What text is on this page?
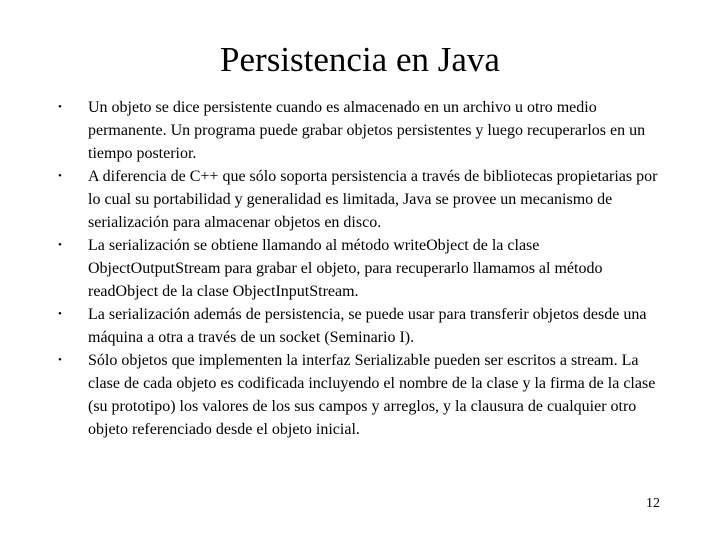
Persistencia en Java
•	Un objeto se dice persistente cuando es almacenado en un archivo u otro medio permanente. Un programa puede grabar objetos persistentes y luego recuperarlos en un tiempo posterior.
•	A diferencia de C++ que sólo soporta persistencia a través de bibliotecas propietarias por lo cual su portabilidad y generalidad es limitada, Java se provee un mecanismo de serialización para almacenar objetos en disco.
•	La serialización se obtiene llamando al método writeObject de la clase ObjectOutputStream para grabar el objeto, para recuperarlo llamamos al método readObject de la clase ObjectInputStream.
•	La serialización además de persistencia, se puede usar para transferir objetos desde una máquina a otra a través de un socket (Seminario I).
•	Sólo objetos que implementen la interfaz Serializable pueden ser escritos a stream. La clase de cada objeto es codificada incluyendo el nombre de la clase y la firma de la clase (su prototipo) los valores de los sus campos y arreglos, y la clausura de cualquier otro objeto referenciado desde el objeto inicial.
12
